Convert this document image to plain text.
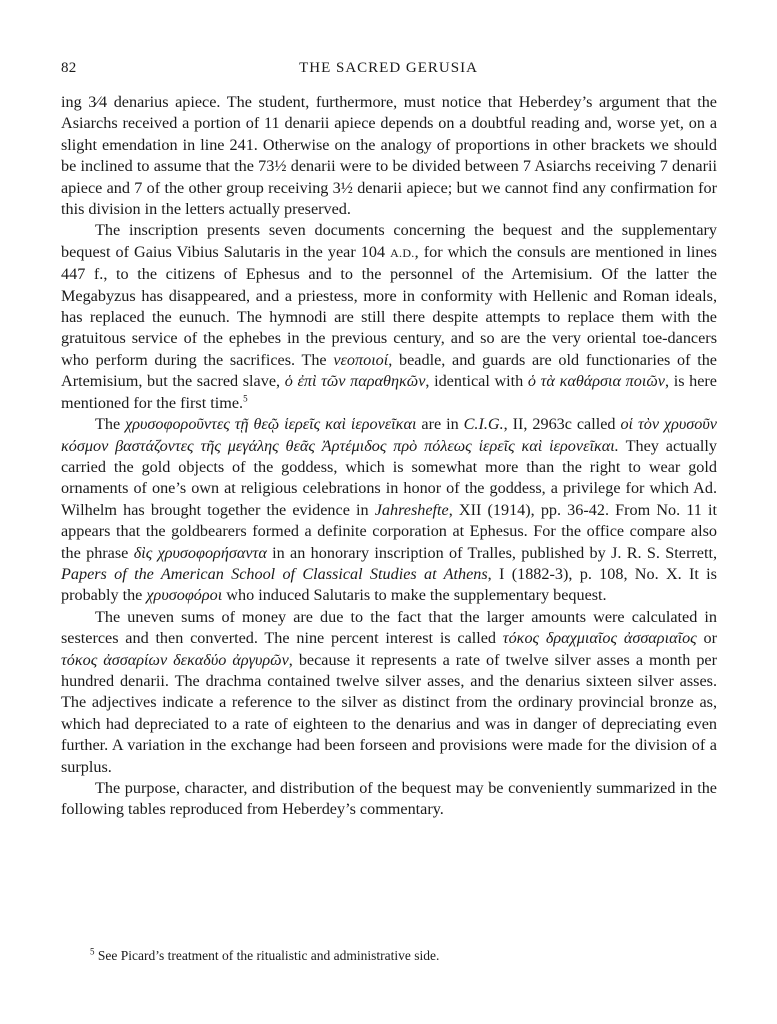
82	THE SACRED GERUSIA

ing 3⁄4 denarius apiece. The student, furthermore, must notice that Heberdey’s argument that the Asiarchs received a portion of 11 denarii apiece depends on a doubtful reading and, worse yet, on a slight emendation in line 241. Otherwise on the analogy of proportions in other brackets we should be inclined to assume that the 73½ denarii were to be divided between 7 Asiarchs receiving 7 denarii apiece and 7 of the other group receiving 3½ denarii apiece; but we cannot find any confirmation for this division in the letters actually preserved.

The inscription presents seven documents concerning the bequest and the supplementary bequest of Gaius Vibius Salutaris in the year 104 A.D., for which the consuls are mentioned in lines 447 f., to the citizens of Ephesus and to the personnel of the Artemisium. Of the latter the Megabyzus has disappeared, and a priestess, more in conformity with Hellenic and Roman ideals, has replaced the eunuch. The hymnodi are still there despite attempts to replace them with the gratuitous service of the ephebes in the previous century, and so are the very oriental toe-dancers who perform during the sacrifices. The νεοποιοί, beadle, and guards are old functionaries of the Artemisium, but the sacred slave, ὁ ἐπὶ τῶν παραθηκῶν, identical with ὁ τὰ καθάρσια ποιῶν, is here mentioned for the first time.$^5$

The χρυσοφοροῦντες τῇ θεῷ ἱερεῖς καὶ ἱερονεῖκαι are in C.I.G., II, 2963c called οἱ τὸν χρυσοῦν κόσμον βαστάζοντες τῆς μεγάλης θεᾶς Ἀρτέμιδος πρὸ πόλεως ἱερεῖς καὶ ἱερονεῖκαι. They actually carried the gold objects of the goddess, which is somewhat more than the right to wear gold ornaments of one’s own at religious celebrations in honor of the goddess, a privilege for which Ad. Wilhelm has brought together the evidence in Jahreshefte, XII (1914), pp. 36-42. From No. 11 it appears that the goldbearers formed a definite corporation at Ephesus. For the office compare also the phrase δὶς χρυσοφορήσαντα in an honorary inscription of Tralles, published by J. R. S. Sterrett, Papers of the American School of Classical Studies at Athens, I (1882-3), p. 108, No. X. It is probably the χρυσοφόροι who induced Salutaris to make the supplementary bequest.

The uneven sums of money are due to the fact that the larger amounts were calculated in sesterces and then converted. The nine percent interest is called τόκος δραχμιαῖος ἀσσαριαῖος or τόκος ἀσσαρίων δεκαδύο ἀργυρῶν, because it represents a rate of twelve silver asses a month per hundred denarii. The drachma contained twelve silver asses, and the denarius sixteen silver asses. The adjectives indicate a reference to the silver as distinct from the ordinary provincial bronze as, which had depreciated to a rate of eighteen to the denarius and was in danger of depreciating even further. A variation in the exchange had been forseen and provisions were made for the division of a surplus.

The purpose, character, and distribution of the bequest may be conveniently summarized in the following tables reproduced from Heberdey’s commentary.

$^5$ See Picard’s treatment of the ritualistic and administrative side.
